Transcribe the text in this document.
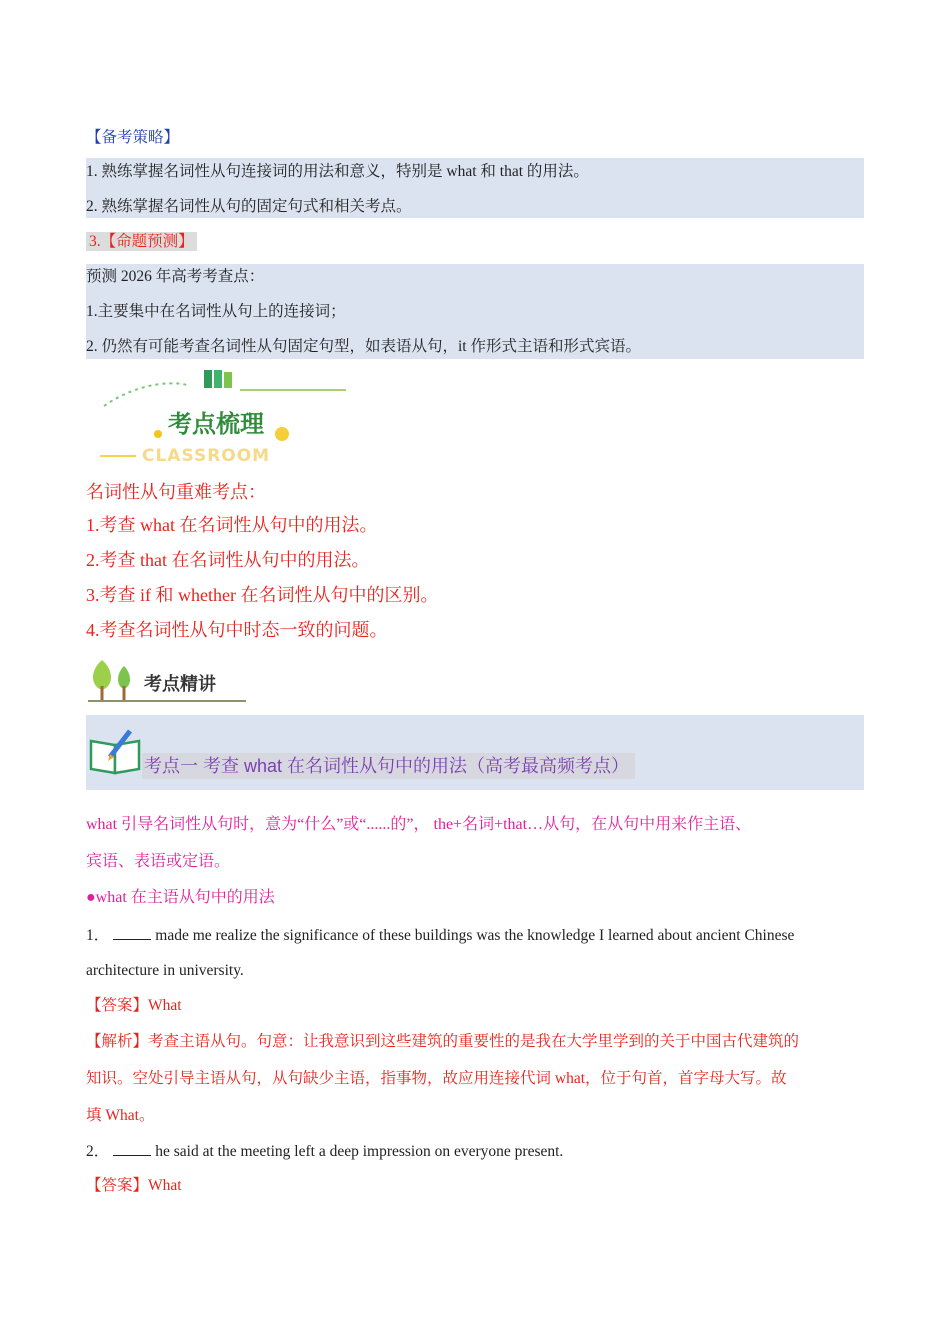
【备考策略】
1. 熟练掌握名词性从句连接词的用法和意义，特别是 what 和 that 的用法。
2. 熟练掌握名词性从句的固定句式和相关考点。
3.【命题预测】
预测 2026 年高考考查点：
1.主要集中在名词性从句上的连接词；
2. 仍然有可能考查名词性从句固定句型，如表语从句，it 作形式主语和形式宾语。
考点梳理
CLASSROOM
名词性从句重难考点：
1.考查 what 在名词性从句中的用法。
2.考查 that 在名词性从句中的用法。
3.考查 if 和 whether 在名词性从句中的区别。
4.考查名词性从句中时态一致的问题。
考点精讲
考点一 考查 what 在名词性从句中的用法（高考最高频考点）
what 引导名词性从句时，意为“什么”或“......的”， the+名词+that…从句，在从句中用来作主语、
宾语、表语或定语。
●what 在主语从句中的用法
1．	made me realize the significance of these buildings was the knowledge I learned about ancient Chinese
architecture in university.
【答案】What
【解析】考查主语从句。句意：让我意识到这些建筑的重要性的是我在大学里学到的关于中国古代建筑的
知识。空处引导主语从句，从句缺少主语，指事物，故应用连接代词 what，位于句首，首字母大写。故
填 What。
2．	he said at the meeting left a deep impression on everyone present.
【答案】What
